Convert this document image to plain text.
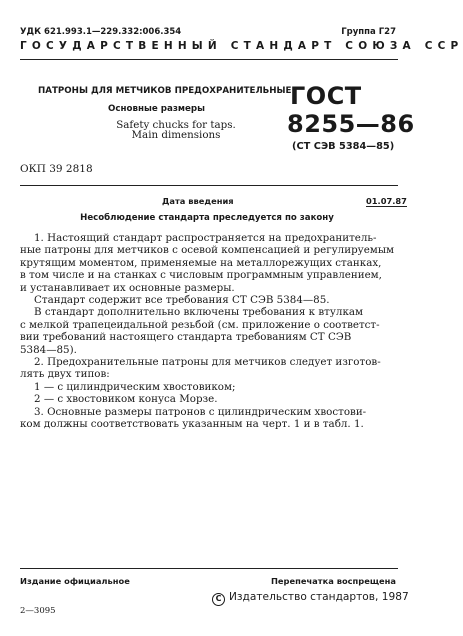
УДК 621.993.1—229.332:006.354	Группа Г27
ГОСУДАРСТВЕННЫЙ СТАНДАРТ СОЮЗА ССР
ПАТРОНЫ ДЛЯ МЕТЧИКОВ ПРЕДОХРАНИТЕЛЬНЫЕ
Основные размеры
Safety chucks for taps.
Main dimensions
ГОСТ
8255—86
(СТ СЭВ 5384—85)
ОКП 39 2818
Дата введения	01.07.87
Несоблюдение стандарта преследуется по закону

1. Настоящий стандарт распространяется на предохранитель-

ные патроны для метчиков с осевой компенсацией и регулируемым

крутящим моментом, применяемые на металлорежущих станках,

в том числе и на станках с числовым программным управлением,

и устанавливает их основные размеры.

Стандарт содержит все требования СТ СЭВ 5384—85.

В стандарт дополнительно включены требования к втулкам

с мелкой трапецеидальной резьбой (см. приложение о соответст-

вии требований настоящего стандарта требованиям СТ СЭВ

5384—85).

2. Предохранительные патроны для метчиков следует изготов-

лять двух типов:

1 — с цилиндрическим хвостовиком;

2 — с хвостовиком конуса Морзе.

3. Основные размеры патронов с цилиндрическим хвостови-

ком должны соответствовать указанным на черт. 1 и в табл. 1.

Издание официальное	Перепечатка воспрещена
C Издательство стандартов, 1987
2—3095
